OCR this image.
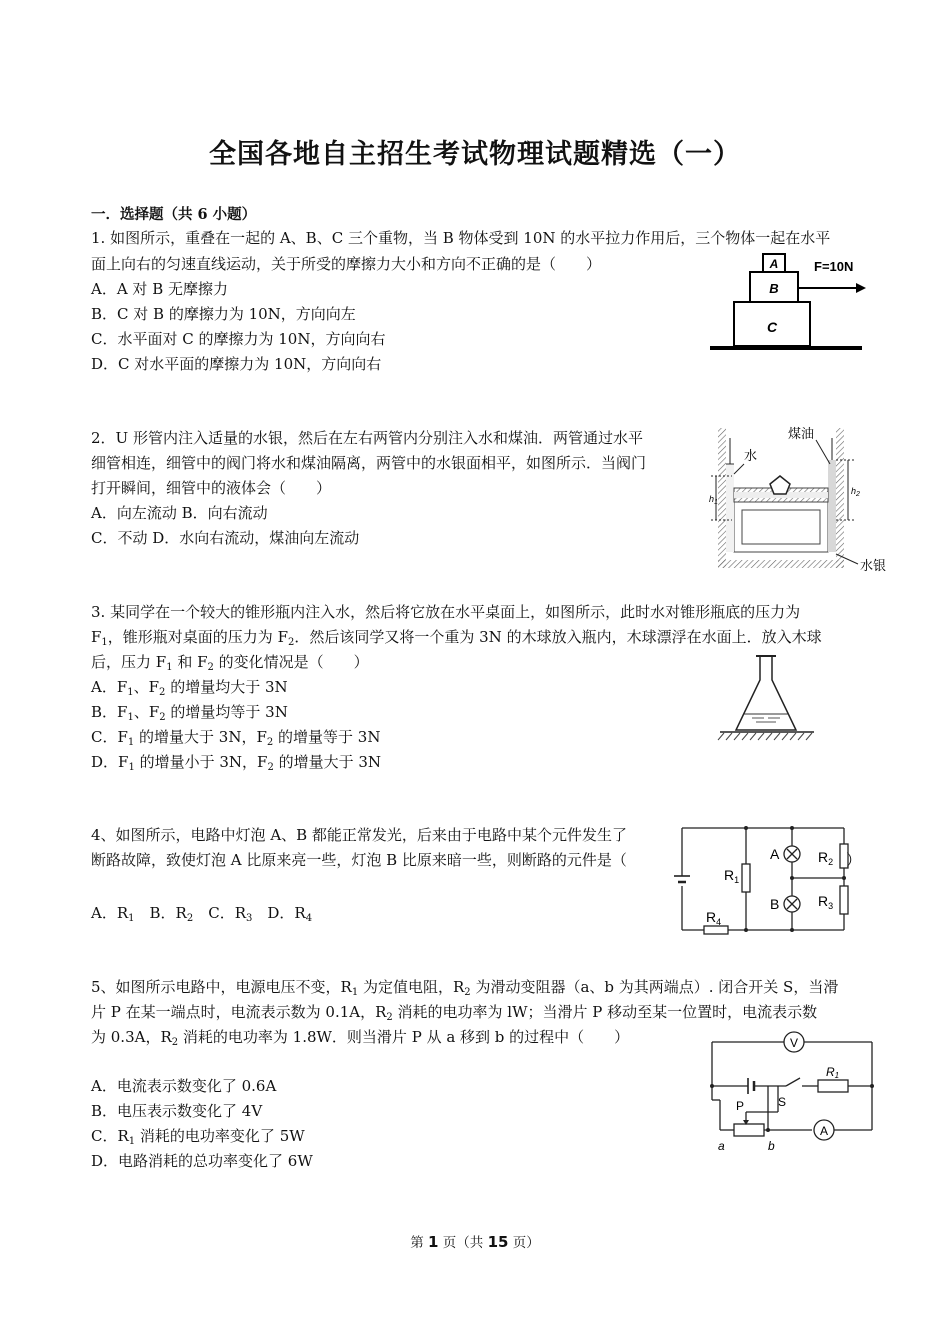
全国各地自主招生考试物理试题精选（一）
一．选择题（共 6 小题）
1. 如图所示，重叠在一起的 A、B、C 三个重物，当 B 物体受到 10N 的水平拉力作用后，三个物体一起在水平
面上向右的匀速直线运动，关于所受的摩擦力大小和方向不正确的是（　　）
A．A 对 B 无摩擦力
B．C 对 B 的摩擦力为 10N，方向向左
C．水平面对 C 的摩擦力为 10N，方向向右
D．C 对水平面的摩擦力为 10N，方向向右
A
B
C
F=10N
2．U 形管内注入适量的水银，然后在左右两管内分别注入水和煤油．两管通过水平
细管相连，细管中的阀门将水和煤油隔离，两管中的水银面相平，如图所示．当阀门
打开瞬间，细管中的液体会（　　）
A．向左流动 B．向右流动
C．不动 D．水向右流动，煤油向左流动
水
煤油
水银
$h_1$
$h_2$
3. 某同学在一个较大的锥形瓶内注入水，然后将它放在水平桌面上，如图所示，此时水对锥形瓶底的压力为
$F_1$，锥形瓶对桌面的压力为 $F_2$．然后该同学又将一个重为 3N 的木球放入瓶内，木球漂浮在水面上．放入木球
后，压力 $F_1$ 和 $F_2$ 的变化情况是（　　）
A．$F_1$、$F_2$ 的增量均大于 3N
B．$F_1$、$F_2$ 的增量均等于 3N
C．$F_1$ 的增量大于 3N，$F_2$ 的增量等于 3N
D．$F_1$ 的增量小于 3N，$F_2$ 的增量大于 3N
4、如图所示，电路中灯泡 A、B 都能正常发光，后来由于电路中某个元件发生了
断路故障，致使灯泡 A 比原来亮一些，灯泡 B 比原来暗一些，则断路的元件是（
A．$R_1$　B．$R_2$　C．$R_3$　D．$R_4$
A
B
$R_1$
$R_2$
$R_3$
$R_4$
）
5、如图所示电路中，电源电压不变，$R_1$ 为定值电阻，$R_2$ 为滑动变阻器（a、b 为其两端点）. 闭合开关 S，当滑
片 P 在某一端点时，电流表示数为 0.1A，$R_2$ 消耗的电功率为 lW；当滑片 P 移动至某一位置时，电流表示数
为 0.3A，$R_2$ 消耗的电功率为 1.8W．则当滑片 P 从 a 移到 b 的过程中（　　）
A．电流表示数变化了 0.6A
B．电压表示数变化了 4V
C．$R_1$ 消耗的电功率变化了 5W
D．电路消耗的总功率变化了 6W
V
A
R1
P	S
a	b
第 1 页（共 15 页）
